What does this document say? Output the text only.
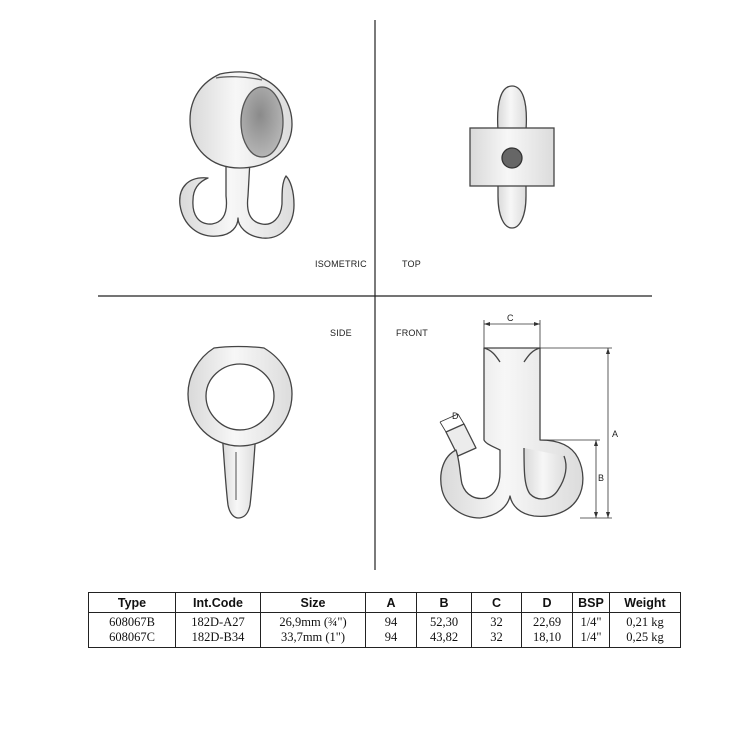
C
A
B
D
ISOMETRIC	TOP
SIDE	FRONT
Type	Int.Code	Size	A	B	C	D	BSP	Weight
608067B	182D-A27	26,9mm (¾")	94	52,30	32	22,69	1/4"	0,21 kg
608067C	182D-B34	33,7mm (1")	94	43,82	32	18,10	1/4"	0,25 kg
